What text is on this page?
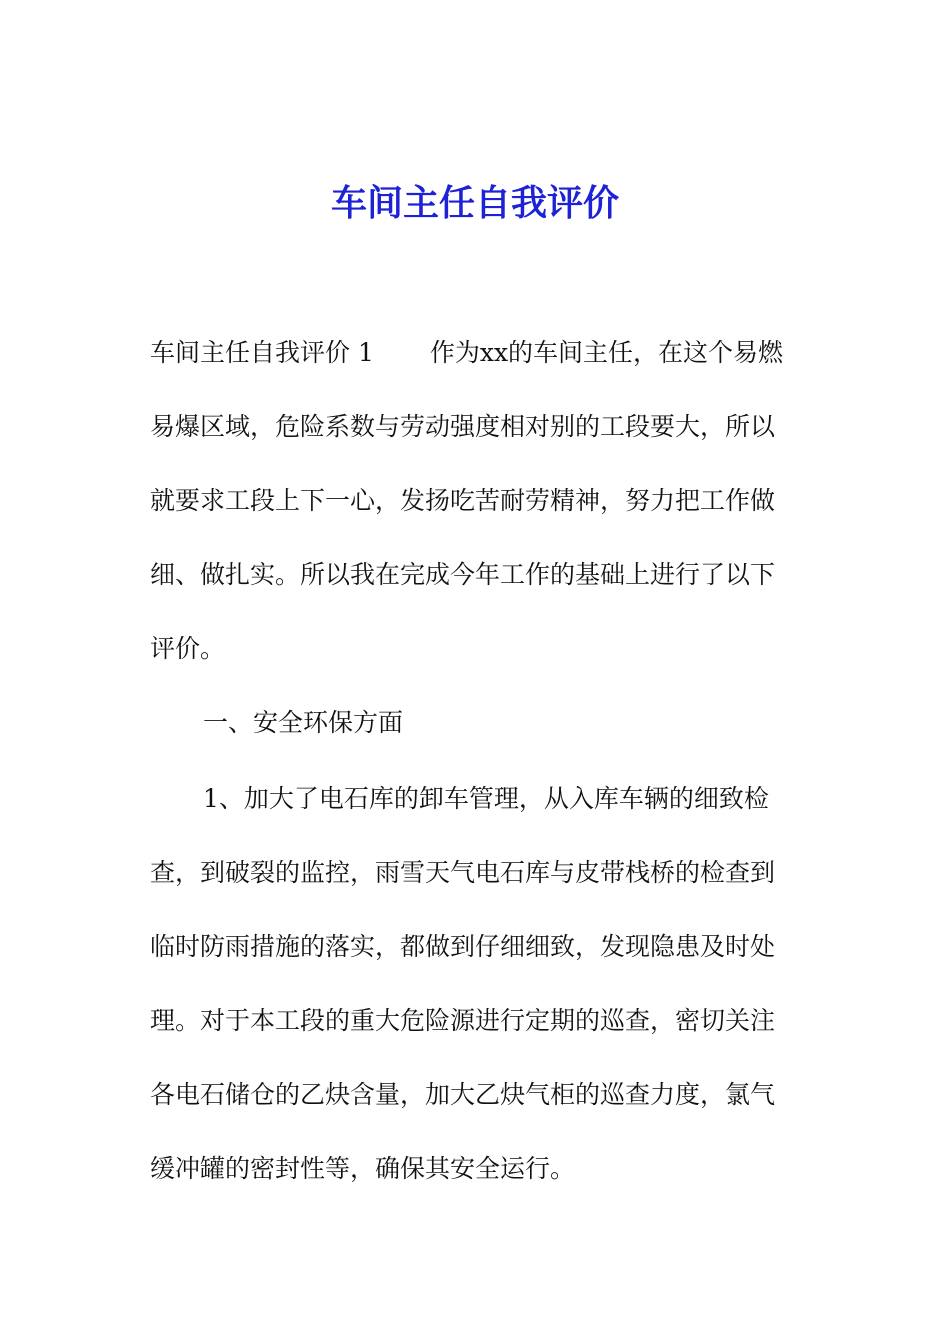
车间主任自我评价
车间主任自我评价 1 作为xx的车间主任，在这个易燃
易爆区域，危险系数与劳动强度相对别的工段要大，所以
就要求工段上下一心，发扬吃苦耐劳精神，努力把工作做
细、做扎实。所以我在完成今年工作的基础上进行了以下
评价。
一、安全环保方面
1、加大了电石库的卸车管理，从入库车辆的细致检
查，到破裂的监控，雨雪天气电石库与皮带栈桥的检查到
临时防雨措施的落实，都做到仔细细致，发现隐患及时处
理。对于本工段的重大危险源进行定期的巡查，密切关注
各电石储仓的乙炔含量，加大乙炔气柜的巡查力度，氯气
缓冲罐的密封性等，确保其安全运行。
